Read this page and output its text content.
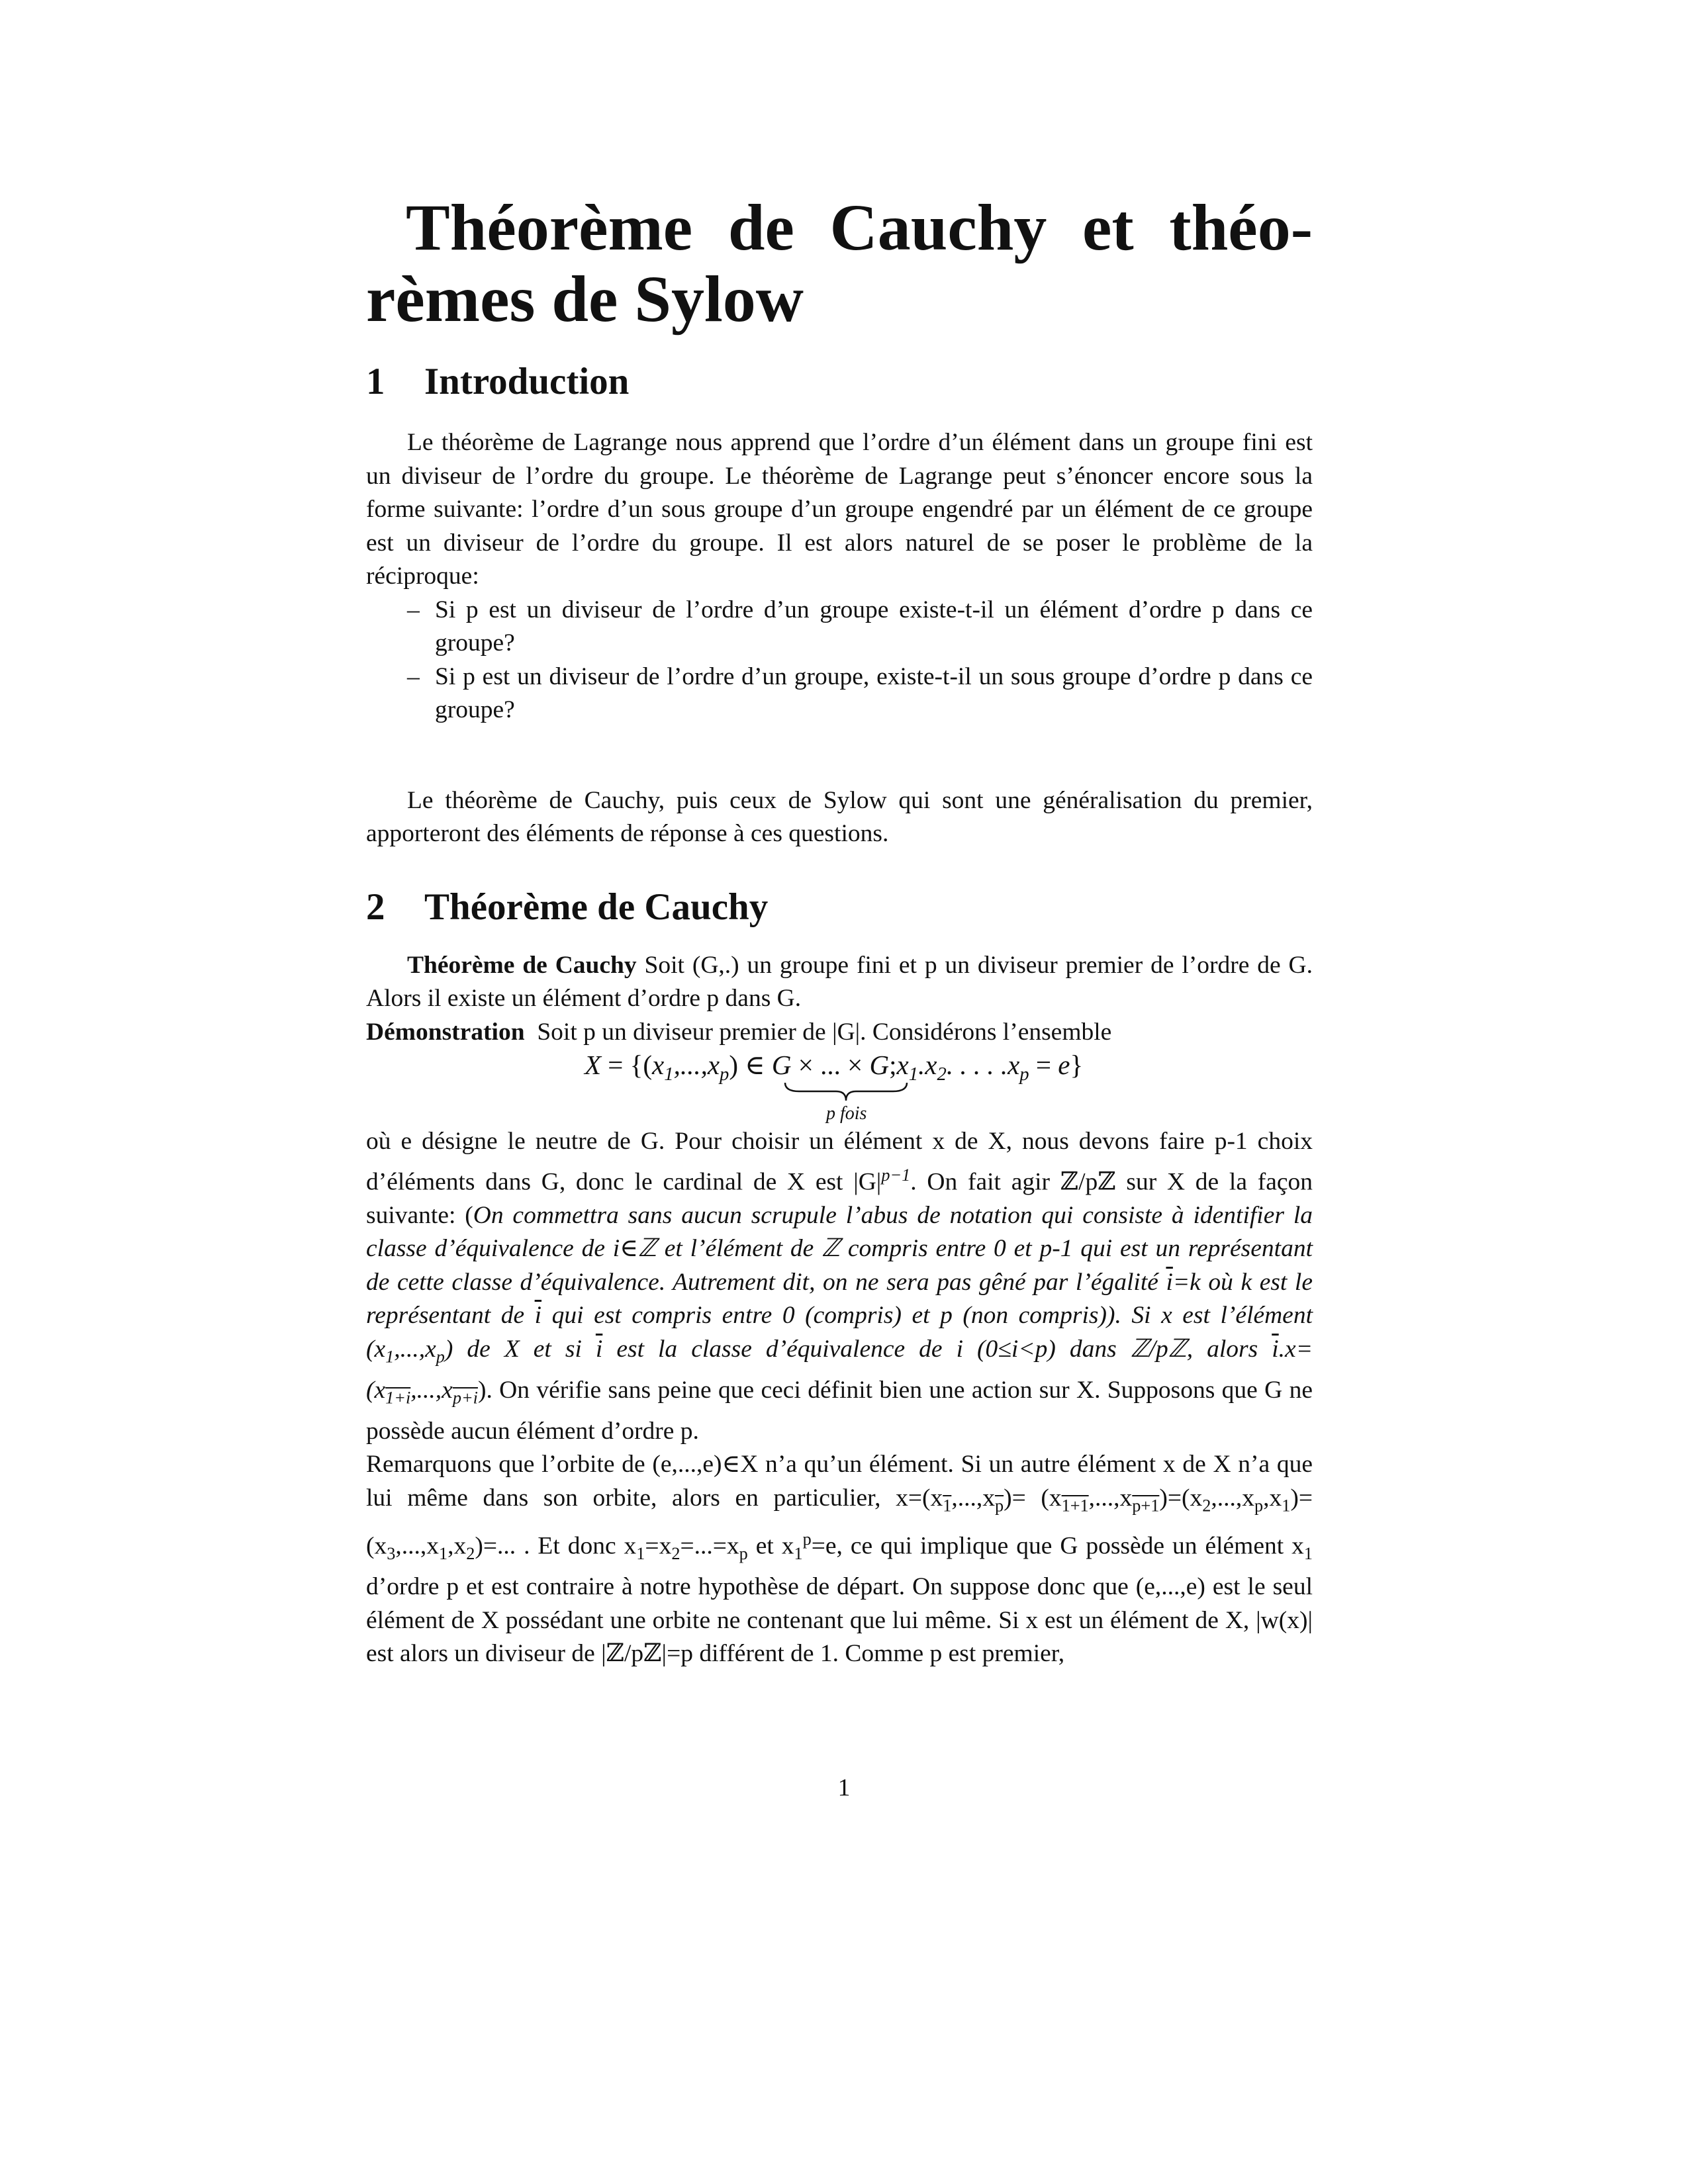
Théorème de Cauchy et théo- rèmes de Sylow
1	Introduction

Le théorème de Lagrange nous apprend que l’ordre d’un élément dans un groupe fini est un diviseur de l’ordre du groupe. Le théorème de Lagrange peut s’énoncer encore sous la forme suivante: l’ordre d’un sous groupe d’un groupe engendré par un élément de ce groupe est un diviseur de l’ordre du groupe. Il est alors naturel de se poser le problème de la réciproque:

– Si p est un diviseur de l’ordre d’un groupe existe-t-il un élément d’ordre p dans ce groupe?
– Si p est un diviseur de l’ordre d’un groupe, existe-t-il un sous groupe d’ordre p dans ce groupe?

Le théorème de Cauchy, puis ceux de Sylow qui sont une généralisation du premier, apporteront des éléments de réponse à ces questions.

2	Théorème de Cauchy

Théorème de Cauchy Soit (G,.) un groupe fini et p un diviseur premier de l’ordre de G. Alors il existe un élément d’ordre p dans G.

Démonstration Soit p un diviseur premier de |G|. Considérons l’ensemble

$X = \{(x_1,...,x_p)$ ∈ G × ... × $G;x_1.x_2$. . . . $.x_p = e$}
p fois

où e désigne le neutre de G. Pour choisir un élément x de X, nous devons faire p-1 choix d’éléments dans G, donc le cardinal de X est $|G|^{p-1}$. On fait agir ℤ/pℤ sur X de la façon suivante: (On commettra sans aucun scrupule l’abus de notation qui consiste à identifier la classe d’équivalence de i∈ℤ et l’élément de ℤ compris entre 0 et p-1 qui est un représentant de cette classe d’équivalence. Autrement dit, on ne sera pas gêné par l’égalité $\overline{i}=k$ où k est le représentant de $\overline{i}$ qui est compris entre 0 (compris) et p (non compris)). Si x est l’élément $(x_1,...,x_p)$ de X et si $\overline{i}$ est la classe d’équivalence de i (0≤i<p) dans ℤ/pℤ, alors $\overline{i}.x=(x_{1+i},...,x_{p+i})$. On vérifie sans peine que ceci définit bien une action sur X. Supposons que G ne possède aucun élément d’ordre p.

Remarquons que l’orbite de (e,...,e)∈X n’a qu’un élément. Si un autre élément x de X n’a que lui même dans son orbite, alors en particulier, $x=(x_1,...,x_{\overline{p}})= (x_{1+1},...,x_{p+1})=(x_2,...,x_p,x_1)=(x_3,...,x_1,x_2)=$... . Et donc $x_1=x_2=...=x_p$ et $x_1^p=e$, ce qui implique que G possède un élément $x_1$ d’ordre p et est contraire à notre hypothèse de départ. On suppose donc que (e,...,e) est le seul élément de X possédant une orbite ne contenant que lui même. Si x est un élément de X, |w(x)| est alors un diviseur de |ℤ/pℤ|=p différent de 1. Comme p est premier,

1
